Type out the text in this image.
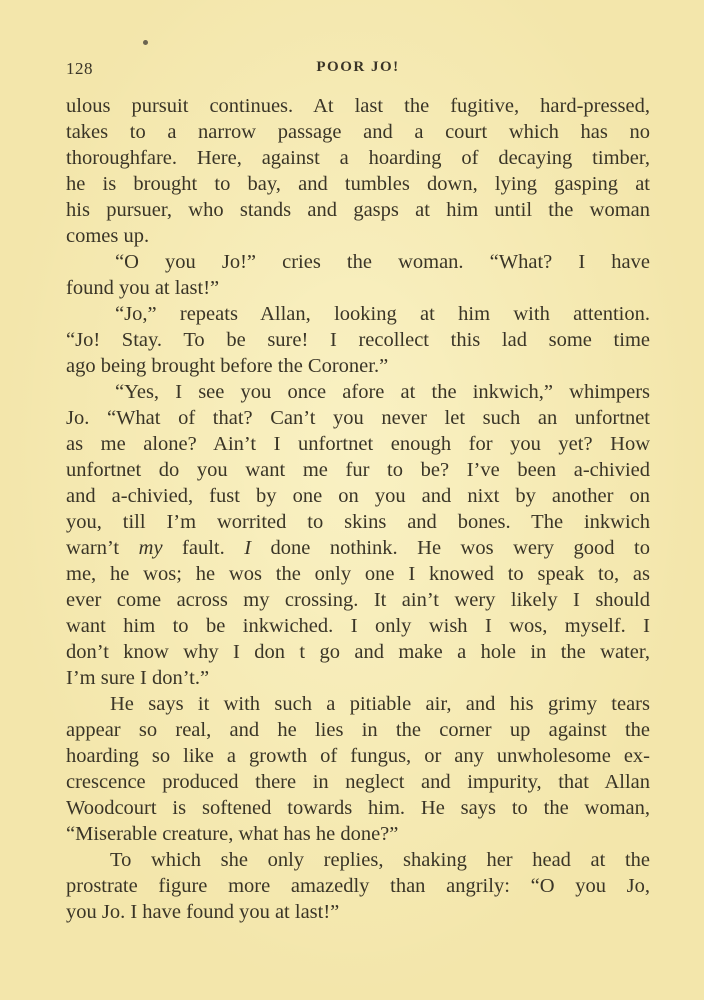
128	POOR JO!
ulous pursuit continues. At last the fugitive, hard-pressed,
takes to a narrow passage and a court which has no
thoroughfare. Here, against a hoarding of decaying timber,
he is brought to bay, and tumbles down, lying gasping at
his pursuer, who stands and gasps at him until the woman
comes up.
“O you Jo!” cries the woman. “What? I have
found you at last!”
“Jo,” repeats Allan, looking at him with attention.
“Jo! Stay. To be sure! I recollect this lad some time
ago being brought before the Coroner.”
“Yes, I see you once afore at the inkwich,” whimpers
Jo. “What of that? Can’t you never let such an unfortnet
as me alone? Ain’t I unfortnet enough for you yet? How
unfortnet do you want me fur to be? I’ve been a-chivied
and a-chivied, fust by one on you and nixt by another on
you, till I’m worrited to skins and bones. The inkwich
warn’t my fault. I done nothink. He wos wery good to
me, he wos; he wos the only one I knowed to speak to, as
ever come across my crossing. It ain’t wery likely I should
want him to be inkwiched. I only wish I wos, myself. I
don’t know why I don t go and make a hole in the water,
I’m sure I don’t.”
He says it with such a pitiable air, and his grimy tears
appear so real, and he lies in the corner up against the
hoarding so like a growth of fungus, or any unwholesome ex-
crescence produced there in neglect and impurity, that Allan
Woodcourt is softened towards him. He says to the woman,
“Miserable creature, what has he done?”
To which she only replies, shaking her head at the
prostrate figure more amazedly than angrily: “O you Jo,
you Jo. I have found you at last!”
